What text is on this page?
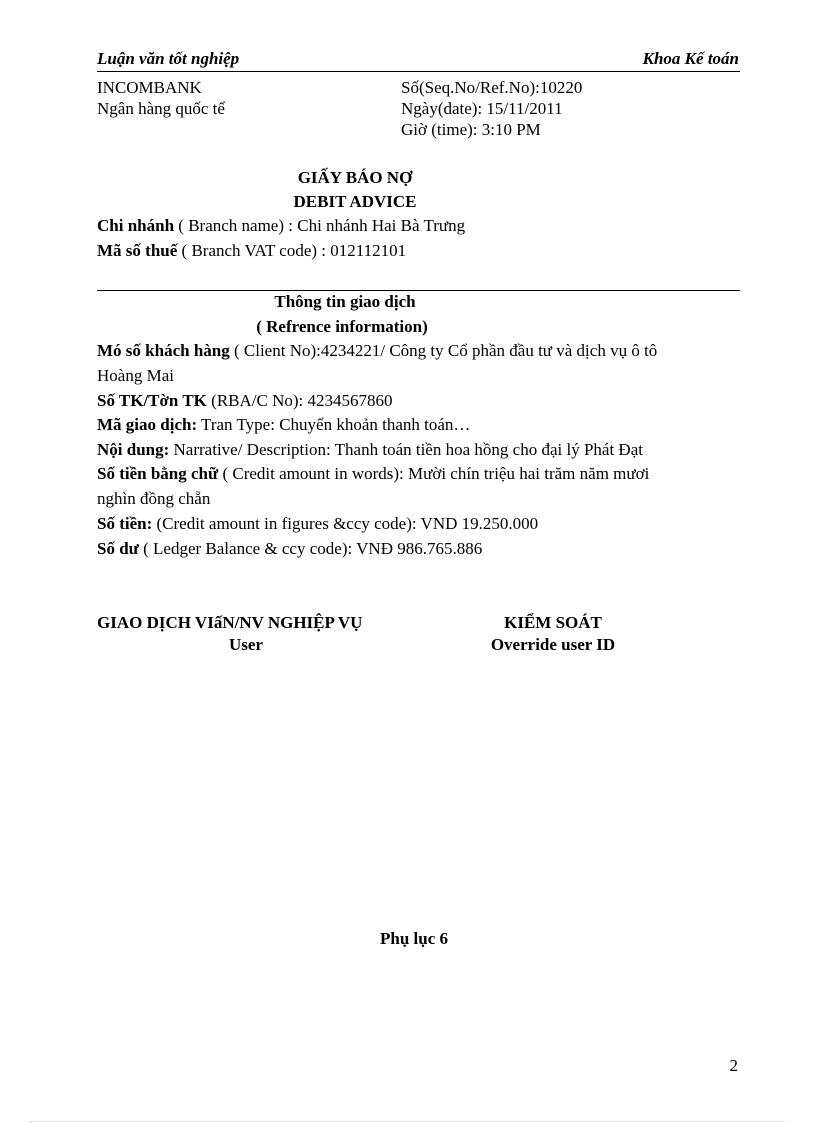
Luận văn tốt nghiệp	Khoa Kế toán
INCOMBANK
Ngân hàng quốc tế
Số(Seq.No/Ref.No):10220
Ngày(date): 15/11/2011
Giờ (time): 3:10 PM
GIẤY BÁO NỢ
DEBIT ADVICE
Chi nhánh ( Branch name) : Chi nhánh Hai Bà Trưng
Mã số thuế ( Branch VAT code) : 012112101
Thông tin giao dịch
( Refrence information)
Mó số khách hàng ( Client No):4234221/ Công ty Cổ phần đầu tư và dịch vụ ô tô
Hoàng Mai
Số TK/Tờn TK (RBA/C No): 4234567860
Mã giao dịch: Tran Type: Chuyển khoản thanh toán…
Nội dung: Narrative/ Description: Thanh toán tiền hoa hồng cho đại lý Phát Đạt
Số tiền bằng chữ ( Credit amount in words): Mười chín triệu hai trăm năm mươi
nghìn đồng chẵn
Số tiền: (Credit amount in figures &ccy code): VND 19.250.000
Số dư ( Ledger Balance & ccy code): VNĐ 986.765.886
GIAO DỊCH VIấN/NV NGHIỆP VỤ
User
KIỂM SOÁT
Override user ID
Phụ lục 6
2
